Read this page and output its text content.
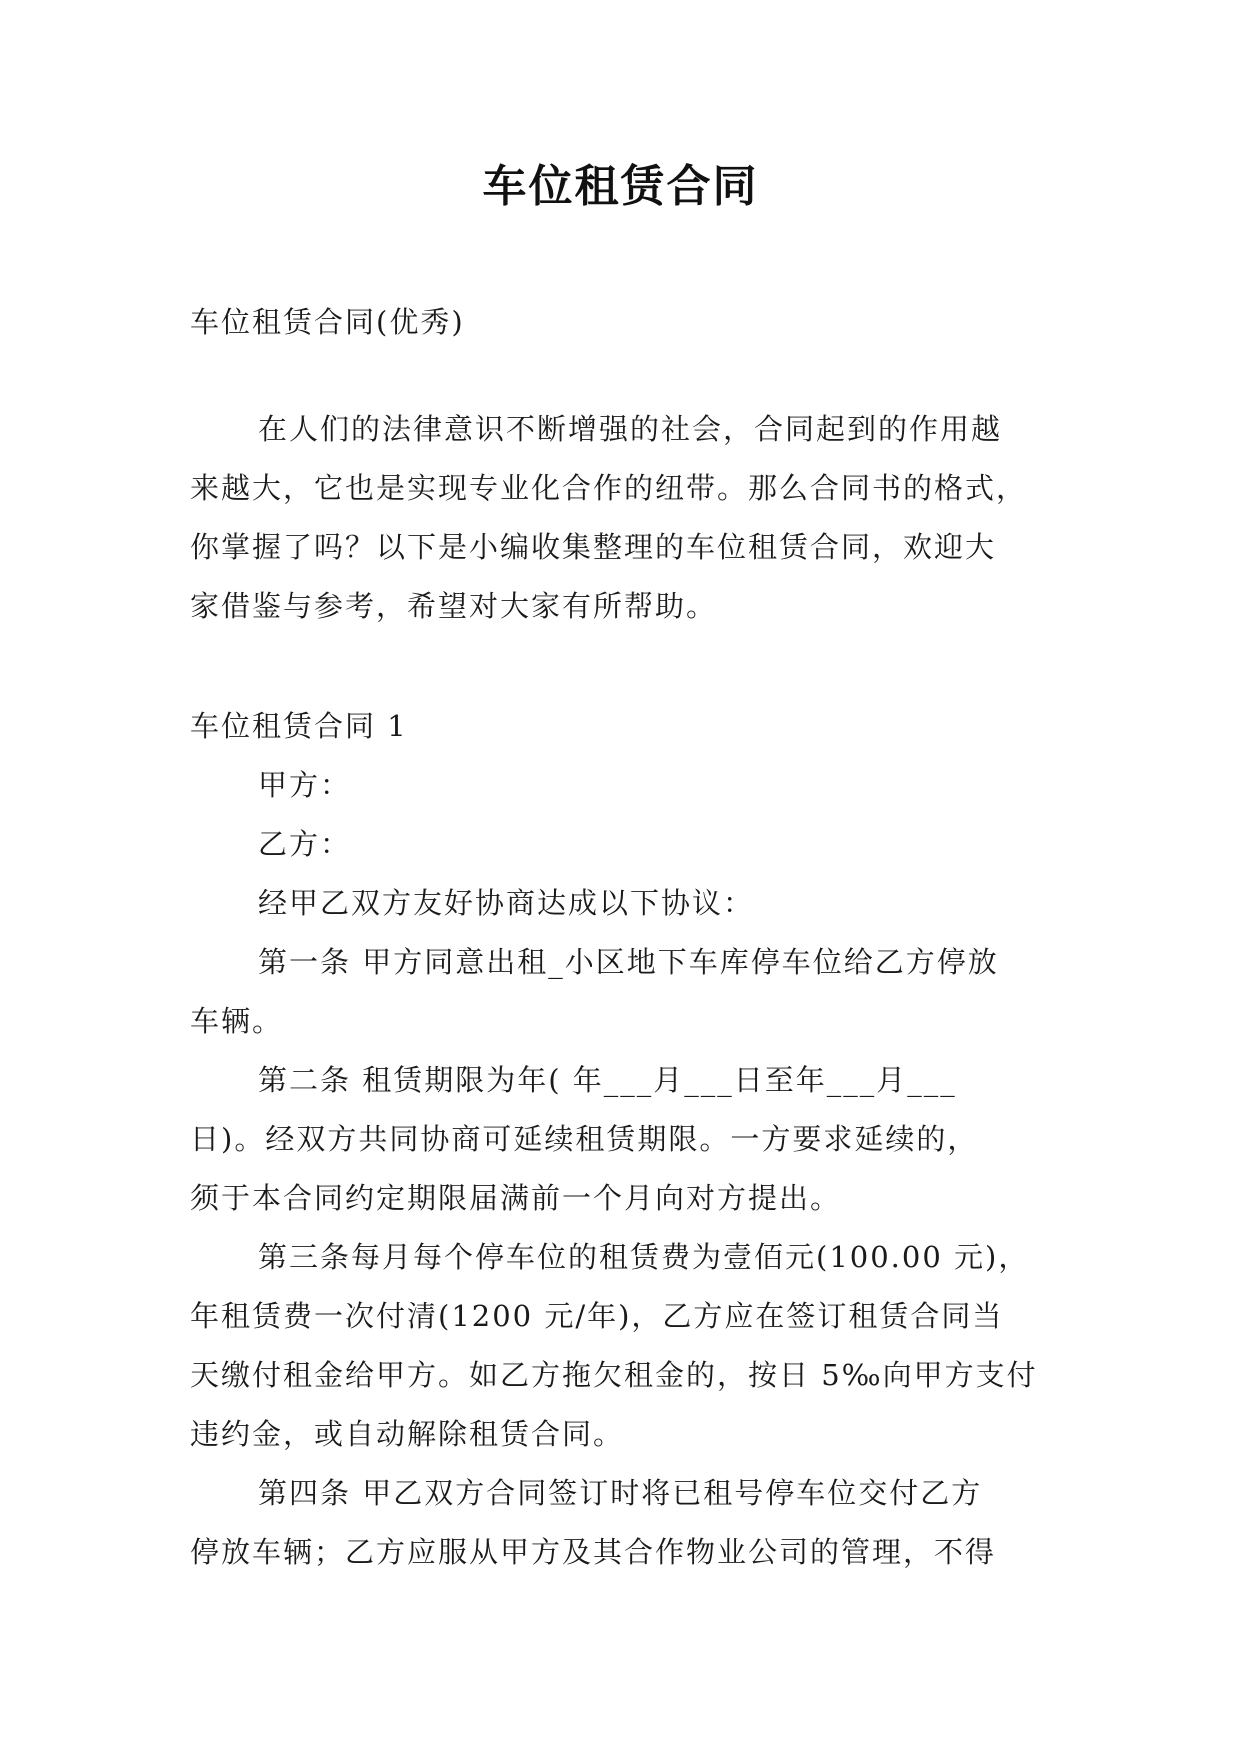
车位租赁合同
车位租赁合同(优秀)
在人们的法律意识不断增强的社会，合同起到的作用越
来越大，它也是实现专业化合作的纽带。那么合同书的格式，
你掌握了吗？以下是小编收集整理的车位租赁合同，欢迎大
家借鉴与参考，希望对大家有所帮助。
车位租赁合同 1
甲方：
乙方：
经甲乙双方友好协商达成以下协议：
第一条 甲方同意出租_小区地下车库停车位给乙方停放
车辆。
第二条 租赁期限为年( 年___月___日至年___月___
日)。经双方共同协商可延续租赁期限。一方要求延续的，
须于本合同约定期限届满前一个月向对方提出。
第三条每月每个停车位的租赁费为壹佰元(100.00 元)，
年租赁费一次付清(1200 元/年)，乙方应在签订租赁合同当
天缴付租金给甲方。如乙方拖欠租金的，按日 5‰向甲方支付
违约金，或自动解除租赁合同。
第四条 甲乙双方合同签订时将已租号停车位交付乙方
停放车辆；乙方应服从甲方及其合作物业公司的管理，不得
